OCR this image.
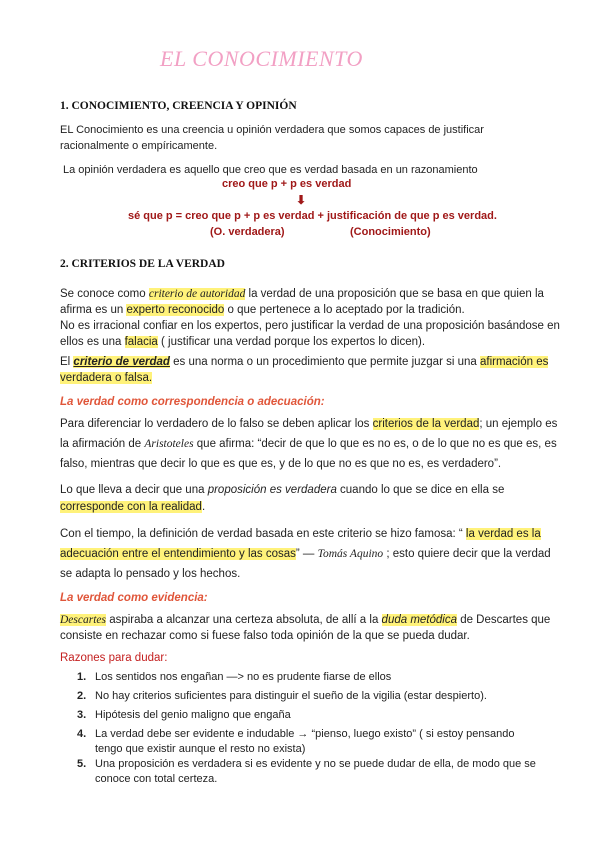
EL CONOCIMIENTO
1. CONOCIMIENTO, CREENCIA Y OPINIÓN
EL Conocimiento es una creencia u opinión verdadera que somos capaces de justificar
racionalmente o empíricamente.
La opinión verdadera es aquello que creo que es verdad basada en un razonamiento
creo que p + p es verdad
⬇
sé que p = creo que p + p es verdad + justificación de que p es verdad.
(O. verdadera)	(Conocimiento)
2. CRITERIOS DE LA VERDAD
Se conoce como criterio de autoridad la verdad de una proposición que se basa en que quien la
afirma es un experto reconocido o que pertenece a lo aceptado por la tradición.
No es irracional confiar en los expertos, pero justificar la verdad de una proposición basándose en
ellos es una falacia ( justificar una verdad porque los expertos lo dicen).
El criterio de verdad es una norma o un procedimiento que permite juzgar si una afirmación es
verdadera o falsa.
La verdad como correspondencia o adecuación:
Para diferenciar lo verdadero de lo falso se deben aplicar los criterios de la verdad; un ejemplo es
la afirmación de Aristoteles que afirma: “decir de que lo que es no es, o de lo que no es que es, es
falso, mientras que decir lo que es que es, y de lo que no es que no es, es verdadero”.
Lo que lleva a decir que una proposición es verdadera cuando lo que se dice en ella se
corresponde con la realidad.
Con el tiempo, la definición de verdad basada en este criterio se hizo famosa: “ la verdad es la
adecuación entre el entendimiento y las cosas” — Tomás Aquino ; esto quiere decir que la verdad
se adapta lo pensado y los hechos.
La verdad como evidencia:
Descartes aspiraba a alcanzar una certeza absoluta, de allí a la duda metódica de Descartes que
consiste en rechazar como si fuese falso toda opinión de la que se pueda dudar.
Razones para dudar:
1. Los sentidos nos engañan —> no es prudente fiarse de ellos
2. No hay criterios suficientes para distinguir el sueño de la vigilia (estar despierto).
3. Hipótesis del genio maligno que engaña
4. La verdad debe ser evidente e indudable → “pienso, luego existo” ( si estoy pensando
tengo que existir aunque el resto no exista)
5. Una proposición es verdadera si es evidente y no se puede dudar de ella, de modo que se
conoce con total certeza.
